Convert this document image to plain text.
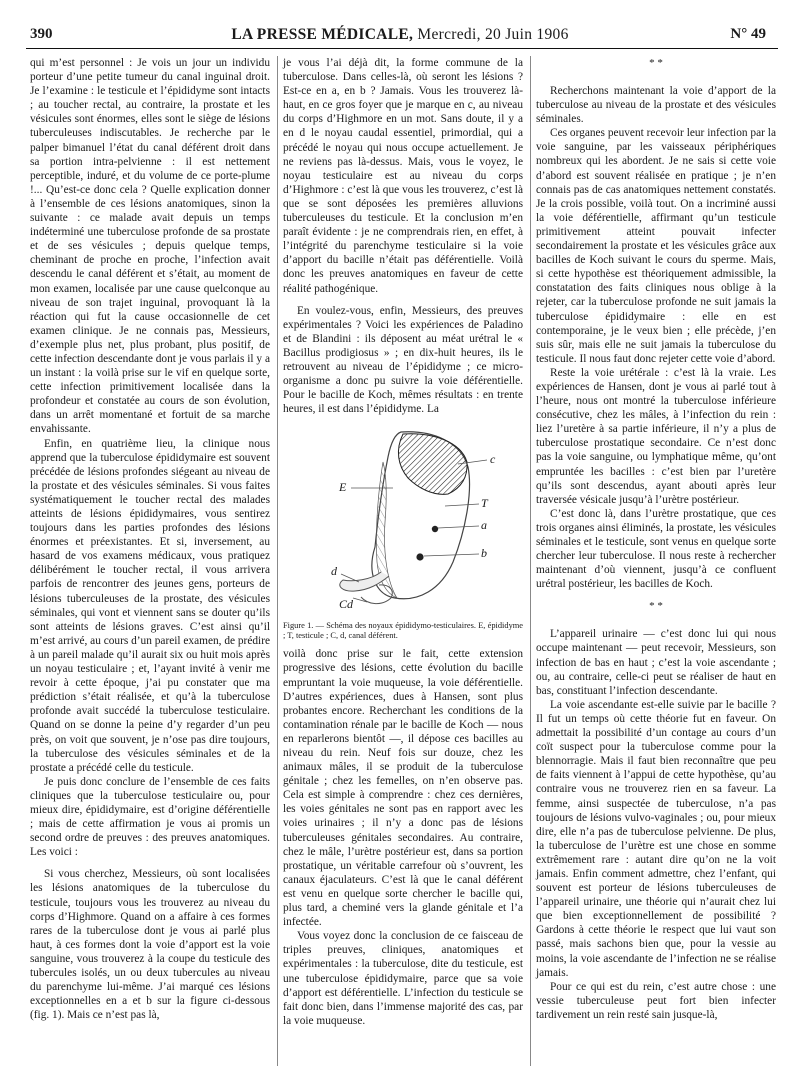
390	LA PRESSE MÉDICALE, Mercredi, 20 Juin 1906	N° 49

qui m’est personnel : Je vois un jour un individu porteur d’une petite tumeur du canal inguinal droit. Je l’examine : le testicule et l’épididyme sont intacts ; au toucher rectal, au contraire, la prostate et les vésicules sont énormes, elles sont le siège de lésions tuberculeuses indiscutables. Je recherche par le palper bimanuel l’état du canal déférent droit dans sa portion intra-pelvienne : il est nettement perceptible, induré, et du volume de ce porte-plume !... Qu’est-ce donc cela ? Quelle explication donner à l’ensemble de ces lésions anatomiques, sinon la suivante : ce malade avait depuis un temps indéterminé une tuberculose profonde de sa prostate et de ses vésicules ; depuis quelque temps, cheminant de proche en proche, l’infection avait descendu le canal déférent et s’était, au moment de mon examen, localisée par une cause quelconque au niveau de son trajet inguinal, provoquant là la réaction qui fut la cause occasionnelle de cet examen clinique. Je ne connais pas, Messieurs, d’exemple plus net, plus probant, plus positif, de cette infection descendante dont je vous parlais il y a un instant : la voilà prise sur le vif en quelque sorte, cette infection primitivement localisée dans la profondeur et constatée au cours de son évolution, dans un arrêt momentané et fortuit de sa marche envahissante.

Enfin, en quatrième lieu, la clinique nous apprend que la tuberculose épididymaire est souvent précédée de lésions profondes siégeant au niveau de la prostate et des vésicules séminales. Si vous faites systématiquement le toucher rectal des malades atteints de lésions épididymaires, vous sentirez toujours dans les parties profondes des lésions énormes et préexistantes. Et si, inversement, au hasard de vos examens médicaux, vous pratiquez délibérément le toucher rectal, il vous arrivera parfois de rencontrer des jeunes gens, porteurs de lésions tuberculeuses de la prostate, des vésicules séminales, qui vont et viennent sans se douter qu’ils sont atteints de lésions graves. C’est ainsi qu’il m’est arrivé, au cours d’un pareil examen, de prédire à un pareil malade qu’il aurait six ou huit mois après un noyau testiculaire ; et, l’ayant invité à venir me revoir à cette époque, j’ai pu constater que ma prédiction s’était réalisée, et qu’à la tuberculose profonde avait succédé la tuberculose testiculaire. Quand on se donne la peine d’y regarder d’un peu près, on voit que souvent, je n’ose pas dire toujours, la tuberculose des vésicules séminales et de la prostate a précédé celle du testicule.

Je puis donc conclure de l’ensemble de ces faits cliniques que la tuberculose testiculaire ou, pour mieux dire, épididymaire, est d’origine déférentielle ; mais de cette affirmation je vous ai promis un second ordre de preuves : des preuves anatomiques. Les voici :

Si vous cherchez, Messieurs, où sont localisées les lésions anatomiques de la tuberculose du testicule, toujours vous les trouverez au niveau du corps d’Highmore. Quand on a affaire à ces formes rares de la tuberculose dont je vous ai parlé plus haut, à ces formes dont la voie d’apport est la voie sanguine, vous trouverez à la coupe du testicule des tubercules isolés, un ou deux tubercules au niveau du parenchyme lui-même. J’ai marqué ces lésions exceptionnelles en a et b sur la figure ci-dessous (fig. 1). Mais ce n’est pas là,

je vous l’ai déjà dit, la forme commune de la tuberculose. Dans celles-là, où seront les lésions ? Est-ce en a, en b ? Jamais. Vous les trouverez là-haut, en ce gros foyer que je marque en c, au niveau du corps d’Highmore en un mot. Sans doute, il y a en d le noyau caudal essentiel, primordial, qui a précédé le noyau qui nous occupe actuellement. Je ne reviens pas là-dessus. Mais, vous le voyez, le noyau testiculaire est au niveau du corps d’Highmore : c’est là que vous les trouverez, c’est là que se sont déposées les premières alluvions tuberculeuses du testicule. Et la conclusion m’en paraît évidente : je ne comprendrais rien, en effet, à l’intégrité du parenchyme testiculaire si la voie d’apport du bacille n’était pas déférentielle. Voilà donc les preuves anatomiques en faveur de cette réalité pathogénique.

En voulez-vous, enfin, Messieurs, des preuves expérimentales ? Voici les expériences de Paladino et de Blandini : ils déposent au méat urétral le « Bacillus prodigiosus » ; en dix-huit heures, ils le retrouvent au niveau de l’épididyme ; ce micro-organisme a donc pu suivre la voie déférentielle. Pour le bacille de Koch, mêmes résultats : en trente heures, il est dans l’épididyme. La

c
E
T
a
b
d
Cd

Figure 1. — Schéma des noyaux épididymo-testiculaires. E, épididyme ; T, testicule ; C, d, canal déférent.

voilà donc prise sur le fait, cette extension progressive des lésions, cette évolution du bacille empruntant la voie muqueuse, la voie déférentielle. D’autres expériences, dues à Hansen, sont plus probantes encore. Recherchant les conditions de la contamination rénale par le bacille de Koch — nous en reparlerons bientôt —, il dépose ces bacilles au niveau du rein. Neuf fois sur douze, chez les animaux mâles, il se produit de la tuberculose génitale ; chez les femelles, on n’en observe pas. Cela est simple à comprendre : chez ces dernières, les voies génitales ne sont pas en rapport avec les voies urinaires ; il n’y a donc pas de lésions tuberculeuses génitales secondaires. Au contraire, chez le mâle, l’urètre postérieur est, dans sa portion prostatique, un véritable carrefour où s’ouvrent, les canaux éjaculateurs. C’est là que le canal déférent est venu en quelque sorte chercher le bacille qui, plus tard, a cheminé vers la glande génitale et l’a infectée.

Vous voyez donc la conclusion de ce faisceau de triples preuves, cliniques, anatomiques et expérimentales : la tuberculose, dite du testicule, est une tuberculose épididymaire, parce que sa voie d’apport est déférentielle. L’infection du testicule se fait donc bien, dans l’immense majorité des cas, par la voie muqueuse.

* *

Recherchons maintenant la voie d’apport de la tuberculose au niveau de la prostate et des vésicules séminales.

Ces organes peuvent recevoir leur infection par la voie sanguine, par les vaisseaux périphériques nombreux qui les abordent. Je ne sais si cette voie d’abord est souvent réalisée en pratique ; je n’en connais pas de cas anatomiques nettement constatés. Je la crois possible, voilà tout. On a incriminé aussi la voie déférentielle, affirmant qu’un testicule primitivement atteint pouvait infecter secondairement la prostate et les vésicules grâce aux bacilles de Koch suivant le cours du sperme. Mais, si cette hypothèse est théoriquement admissible, la constatation des faits cliniques nous oblige à la rejeter, car la tuberculose profonde ne suit jamais la tuberculose épididymaire : elle en est contemporaine, je le veux bien ; elle précède, j’en suis sûr, mais elle ne suit jamais la tuberculose du testicule. Il nous faut donc rejeter cette voie d’abord.

Reste la voie urétérale : c’est là la vraie. Les expériences de Hansen, dont je vous ai parlé tout à l’heure, nous ont montré la tuberculose inférieure consécutive, chez les mâles, à l’infection du rein : liez l’uretère à sa partie inférieure, il n’y a plus de tuberculose prostatique secondaire. Ce n’est donc pas la voie sanguine, ou lymphatique même, qu’ont empruntée les bacilles : c’est bien par l’uretère qu’ils sont descendus, ayant abouti après leur traversée vésicale jusqu’à l’urètre postérieur.

C’est donc là, dans l’urètre prostatique, que ces trois organes ainsi éliminés, la prostate, les vésicules séminales et le testicule, sont venus en quelque sorte chercher leur tuberculose. Il nous reste à rechercher maintenant d’où viennent, jusqu’à ce confluent urétral postérieur, les bacilles de Koch.

* *

L’appareil urinaire — c’est donc lui qui nous occupe maintenant — peut recevoir, Messieurs, son infection de bas en haut ; c’est la voie ascendante ; ou, au contraire, celle-ci peut se réaliser de haut en bas, constituant l’infection descendante.

La voie ascendante est-elle suivie par le bacille ? Il fut un temps où cette théorie fut en faveur. On admettait la possibilité d’un contage au cours d’un coït suspect pour la tuberculose comme pour la blennorragie. Mais il faut bien reconnaître que peu de faits viennent à l’appui de cette hypothèse, qu’au contraire vous ne trouverez rien en sa faveur. La femme, ainsi suspectée de tuberculose, n’a pas toujours de lésions vulvo-vaginales ; ou, pour mieux dire, elle n’a pas de tuberculose pelvienne. De plus, la tuberculose de l’urètre est une chose en somme extrêmement rare : autant dire qu’on ne la voit jamais. Enfin comment admettre, chez l’enfant, qui souvent est porteur de lésions tuberculeuses de l’appareil urinaire, une théorie qui n’aurait chez lui que bien exceptionnellement de possibilité ? Gardons à cette théorie le respect que lui vaut son passé, mais sachons bien que, pour la vessie au moins, la voie ascendante de l’infection ne se réalise jamais.

Pour ce qui est du rein, c’est autre chose : une vessie tuberculeuse peut fort bien infecter tardivement un rein resté sain jusque-là,
